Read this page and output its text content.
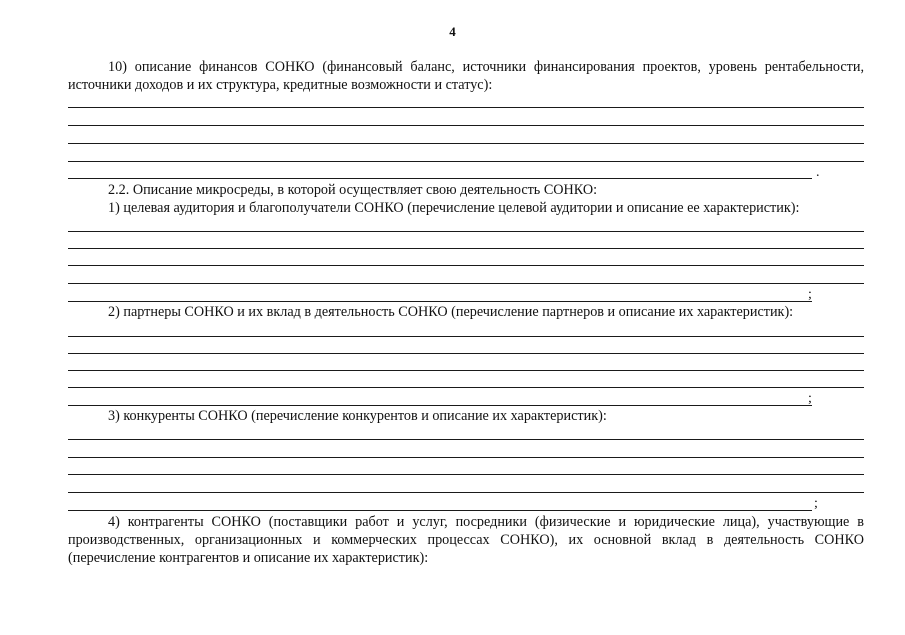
4

10) описание финансов СОНКО (финансовый баланс, источники финансирования проектов, уровень рентабельности, источники доходов и их структура, кредитные возможности и статус):

.

2.2. Описание микросреды, в которой осуществляет свою деятельность СОНКО:

1) целевая аудитория и благополучатели СОНКО (перечисление целевой аудитории и описание ее характеристик):

;

2) партнеры СОНКО и их вклад в деятельность СОНКО (перечисление партнеров и описание их характеристик):

;

3) конкуренты СОНКО (перечисление конкурентов и описание их характеристик):

;

4) контрагенты СОНКО (поставщики работ и услуг, посредники (физические и юридические лица), участвующие в производственных, организационных и коммерческих процессах СОНКО), их основной вклад в деятельность СОНКО (перечисление контрагентов и описание их характеристик):
